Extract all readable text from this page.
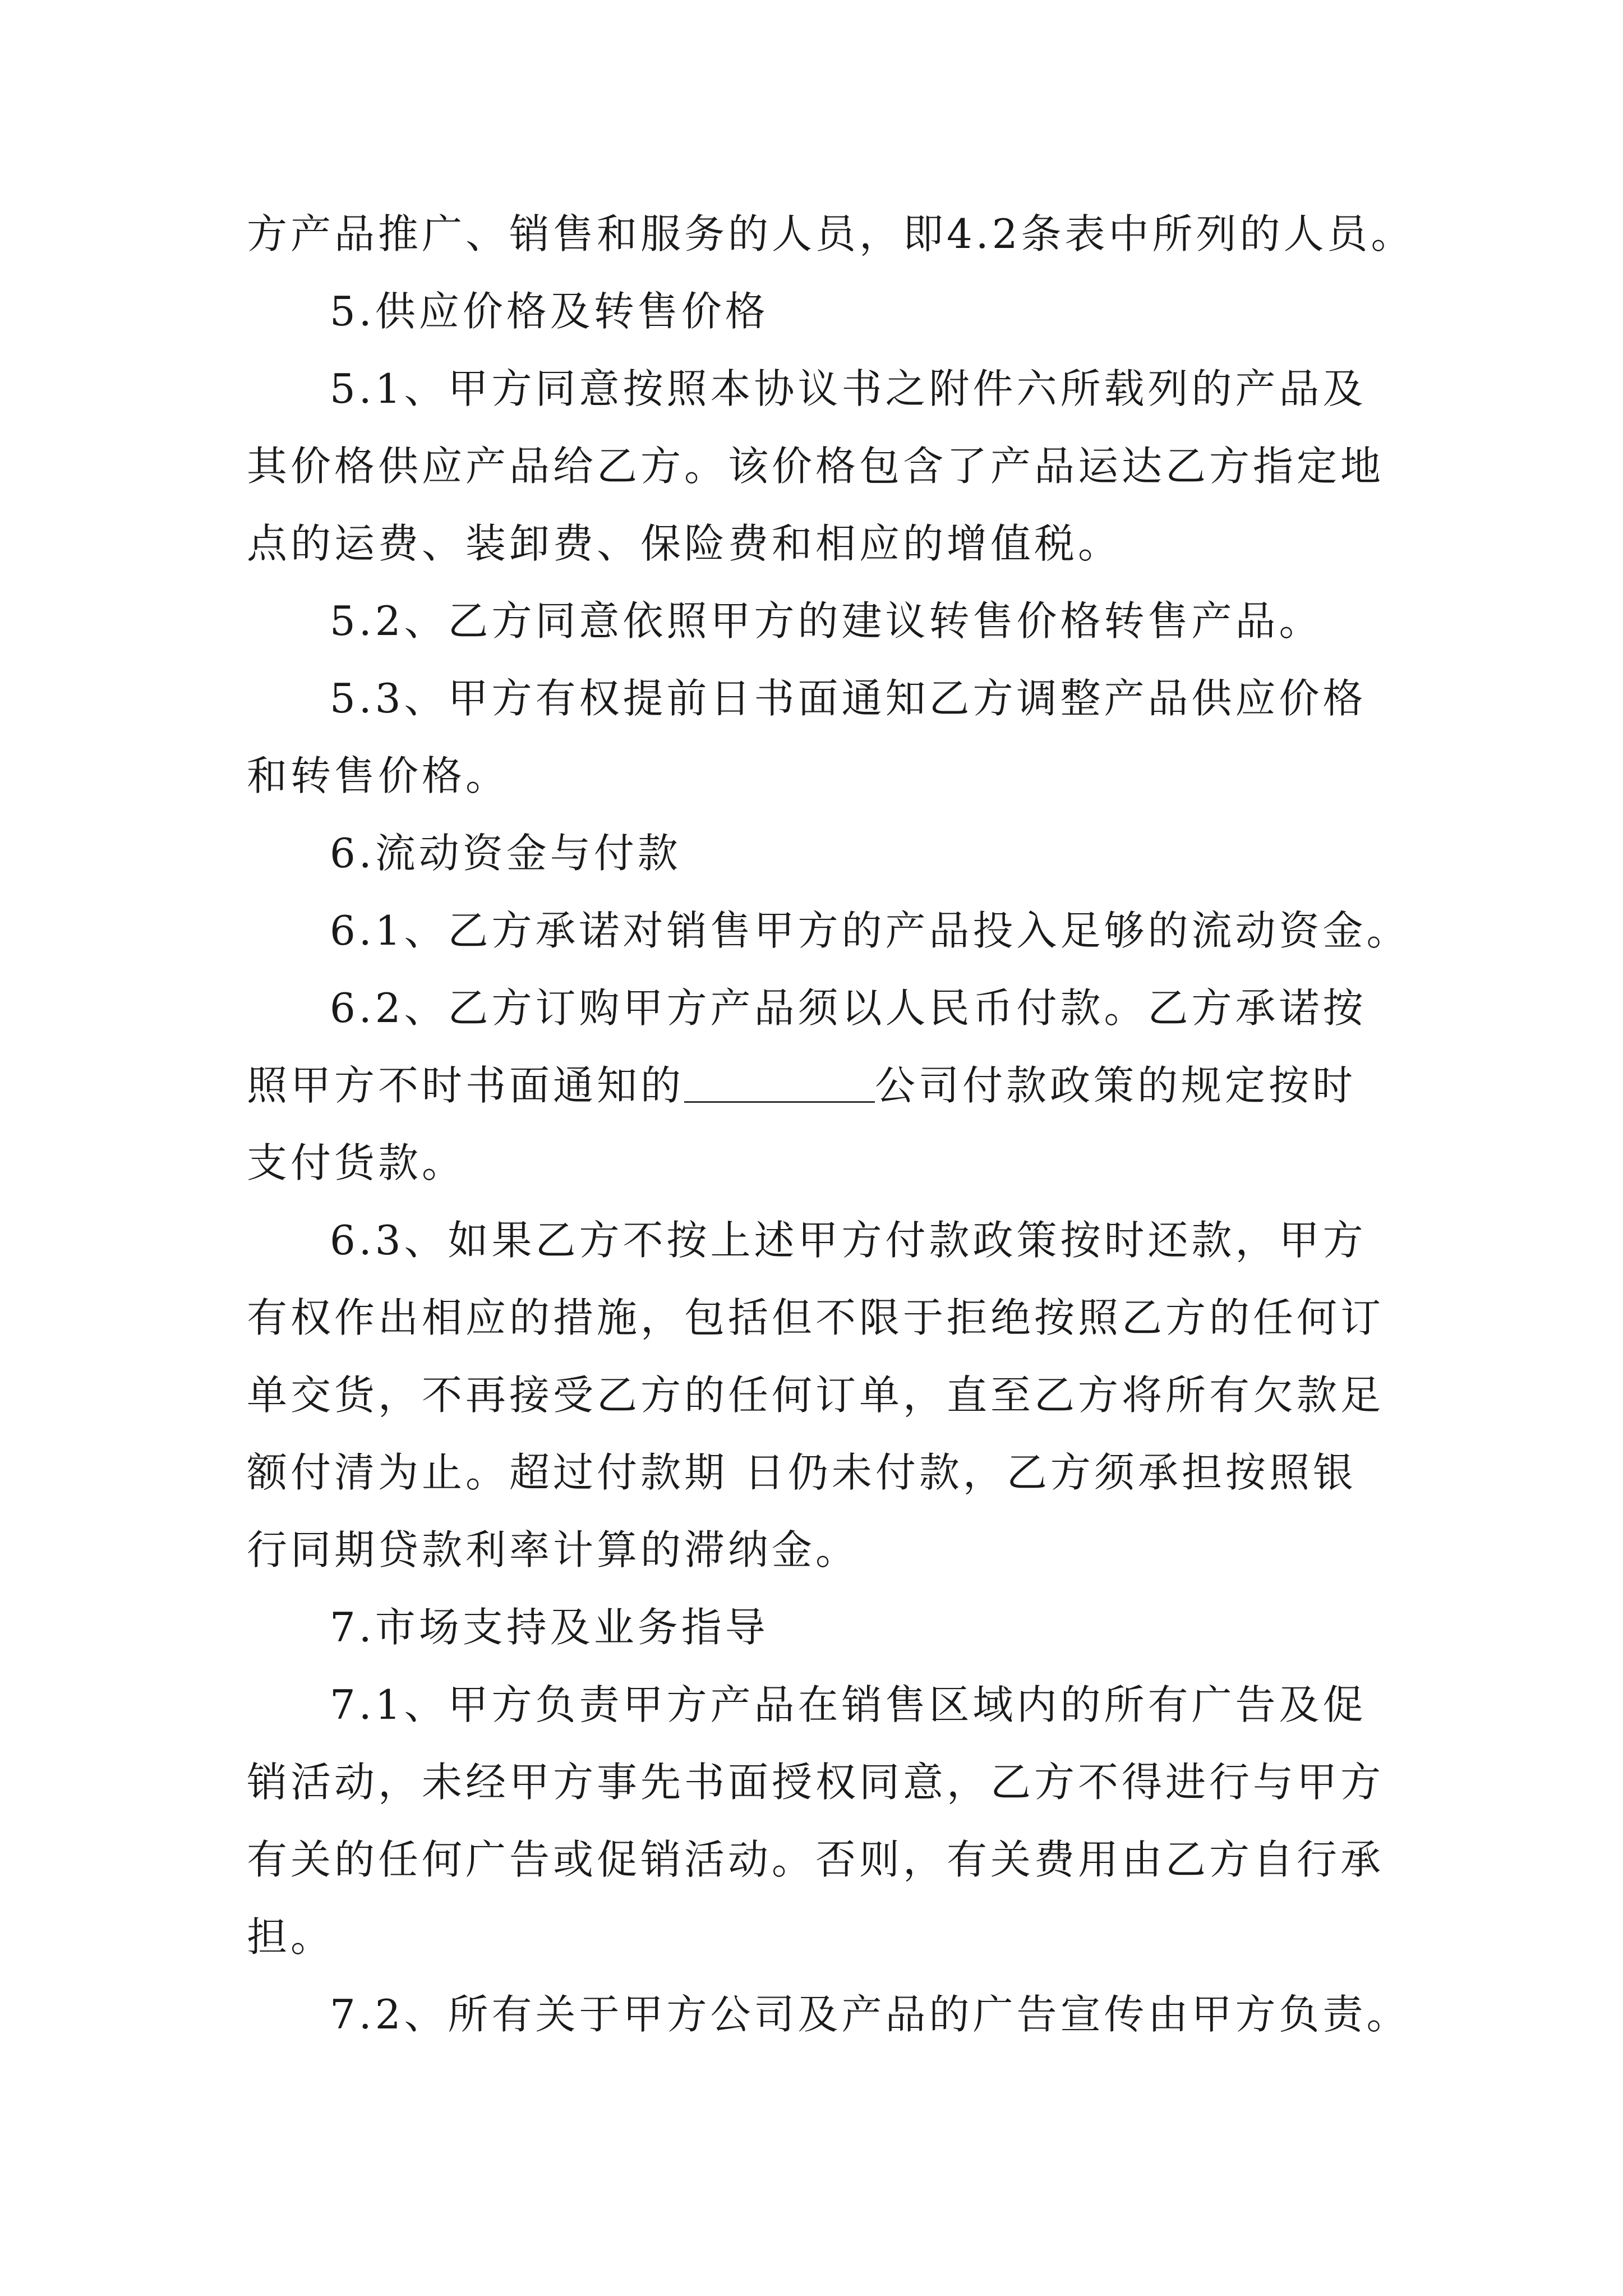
方产品推广、销售和服务的人员，即4.2条表中所列的人员。
5.供应价格及转售价格
5.1、甲方同意按照本协议书之附件六所载列的产品及
其价格供应产品给乙方。该价格包含了产品运达乙方指定地
点的运费、装卸费、保险费和相应的增值税。
5.2、乙方同意依照甲方的建议转售价格转售产品。
5.3、甲方有权提前日书面通知乙方调整产品供应价格
和转售价格。
6.流动资金与付款
6.1、乙方承诺对销售甲方的产品投入足够的流动资金。
6.2、乙方订购甲方产品须以人民币付款。乙方承诺按
照甲方不时书面通知的	公司付款政策的规定按时
支付货款。
6.3、如果乙方不按上述甲方付款政策按时还款，甲方
有权作出相应的措施，包括但不限于拒绝按照乙方的任何订
单交货，不再接受乙方的任何订单，直至乙方将所有欠款足
额付清为止。超过付款期 日仍未付款，乙方须承担按照银
行同期贷款利率计算的滞纳金。
7.市场支持及业务指导
7.1、甲方负责甲方产品在销售区域内的所有广告及促
销活动，未经甲方事先书面授权同意，乙方不得进行与甲方
有关的任何广告或促销活动。否则，有关费用由乙方自行承
担。
7.2、所有关于甲方公司及产品的广告宣传由甲方负责。
